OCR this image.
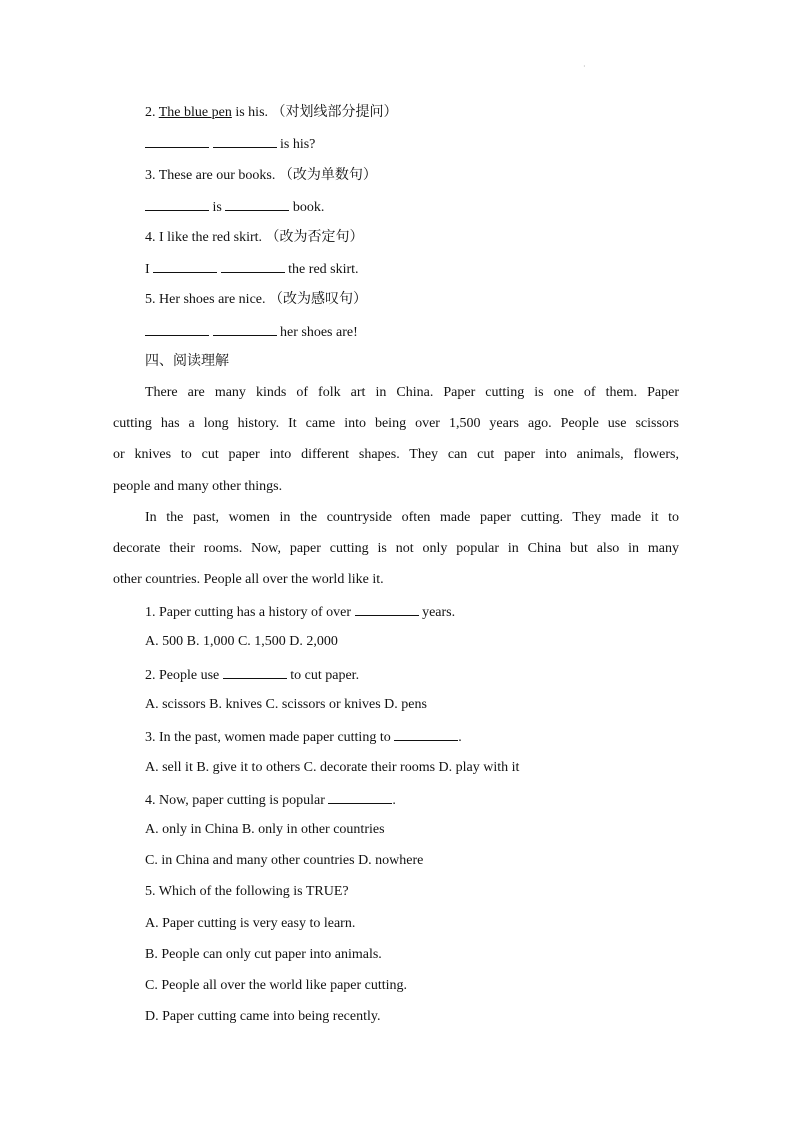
·
2. The blue pen is his. （对划线部分提问）
is his?
3. These are our books. （改为单数句）
is	book.
4. I like the red skirt. （改为否定句）
I	the red skirt.
5. Her shoes are nice. （改为感叹句）
her shoes are!
四、阅读理解
There are many kinds of folk art in China. Paper cutting is one of them. Paper
cutting has a long history. It came into being over 1,500 years ago. People use scissors
or knives to cut paper into different shapes. They can cut paper into animals, flowers,
people and many other things.
In the past, women in the countryside often made paper cutting. They made it to
decorate their rooms. Now, paper cutting is not only popular in China but also in many
other countries. People all over the world like it.
1. Paper cutting has a history of over	years.
A. 500 B. 1,000 C. 1,500 D. 2,000
2. People use	to cut paper.
A. scissors B. knives C. scissors or knives D. pens
3. In the past, women made paper cutting to	.
A. sell it B. give it to others C. decorate their rooms D. play with it
4. Now, paper cutting is popular	.
A. only in China B. only in other countries
C. in China and many other countries D. nowhere
5. Which of the following is TRUE?
A. Paper cutting is very easy to learn.
B. People can only cut paper into animals.
C. People all over the world like paper cutting.
D. Paper cutting came into being recently.
